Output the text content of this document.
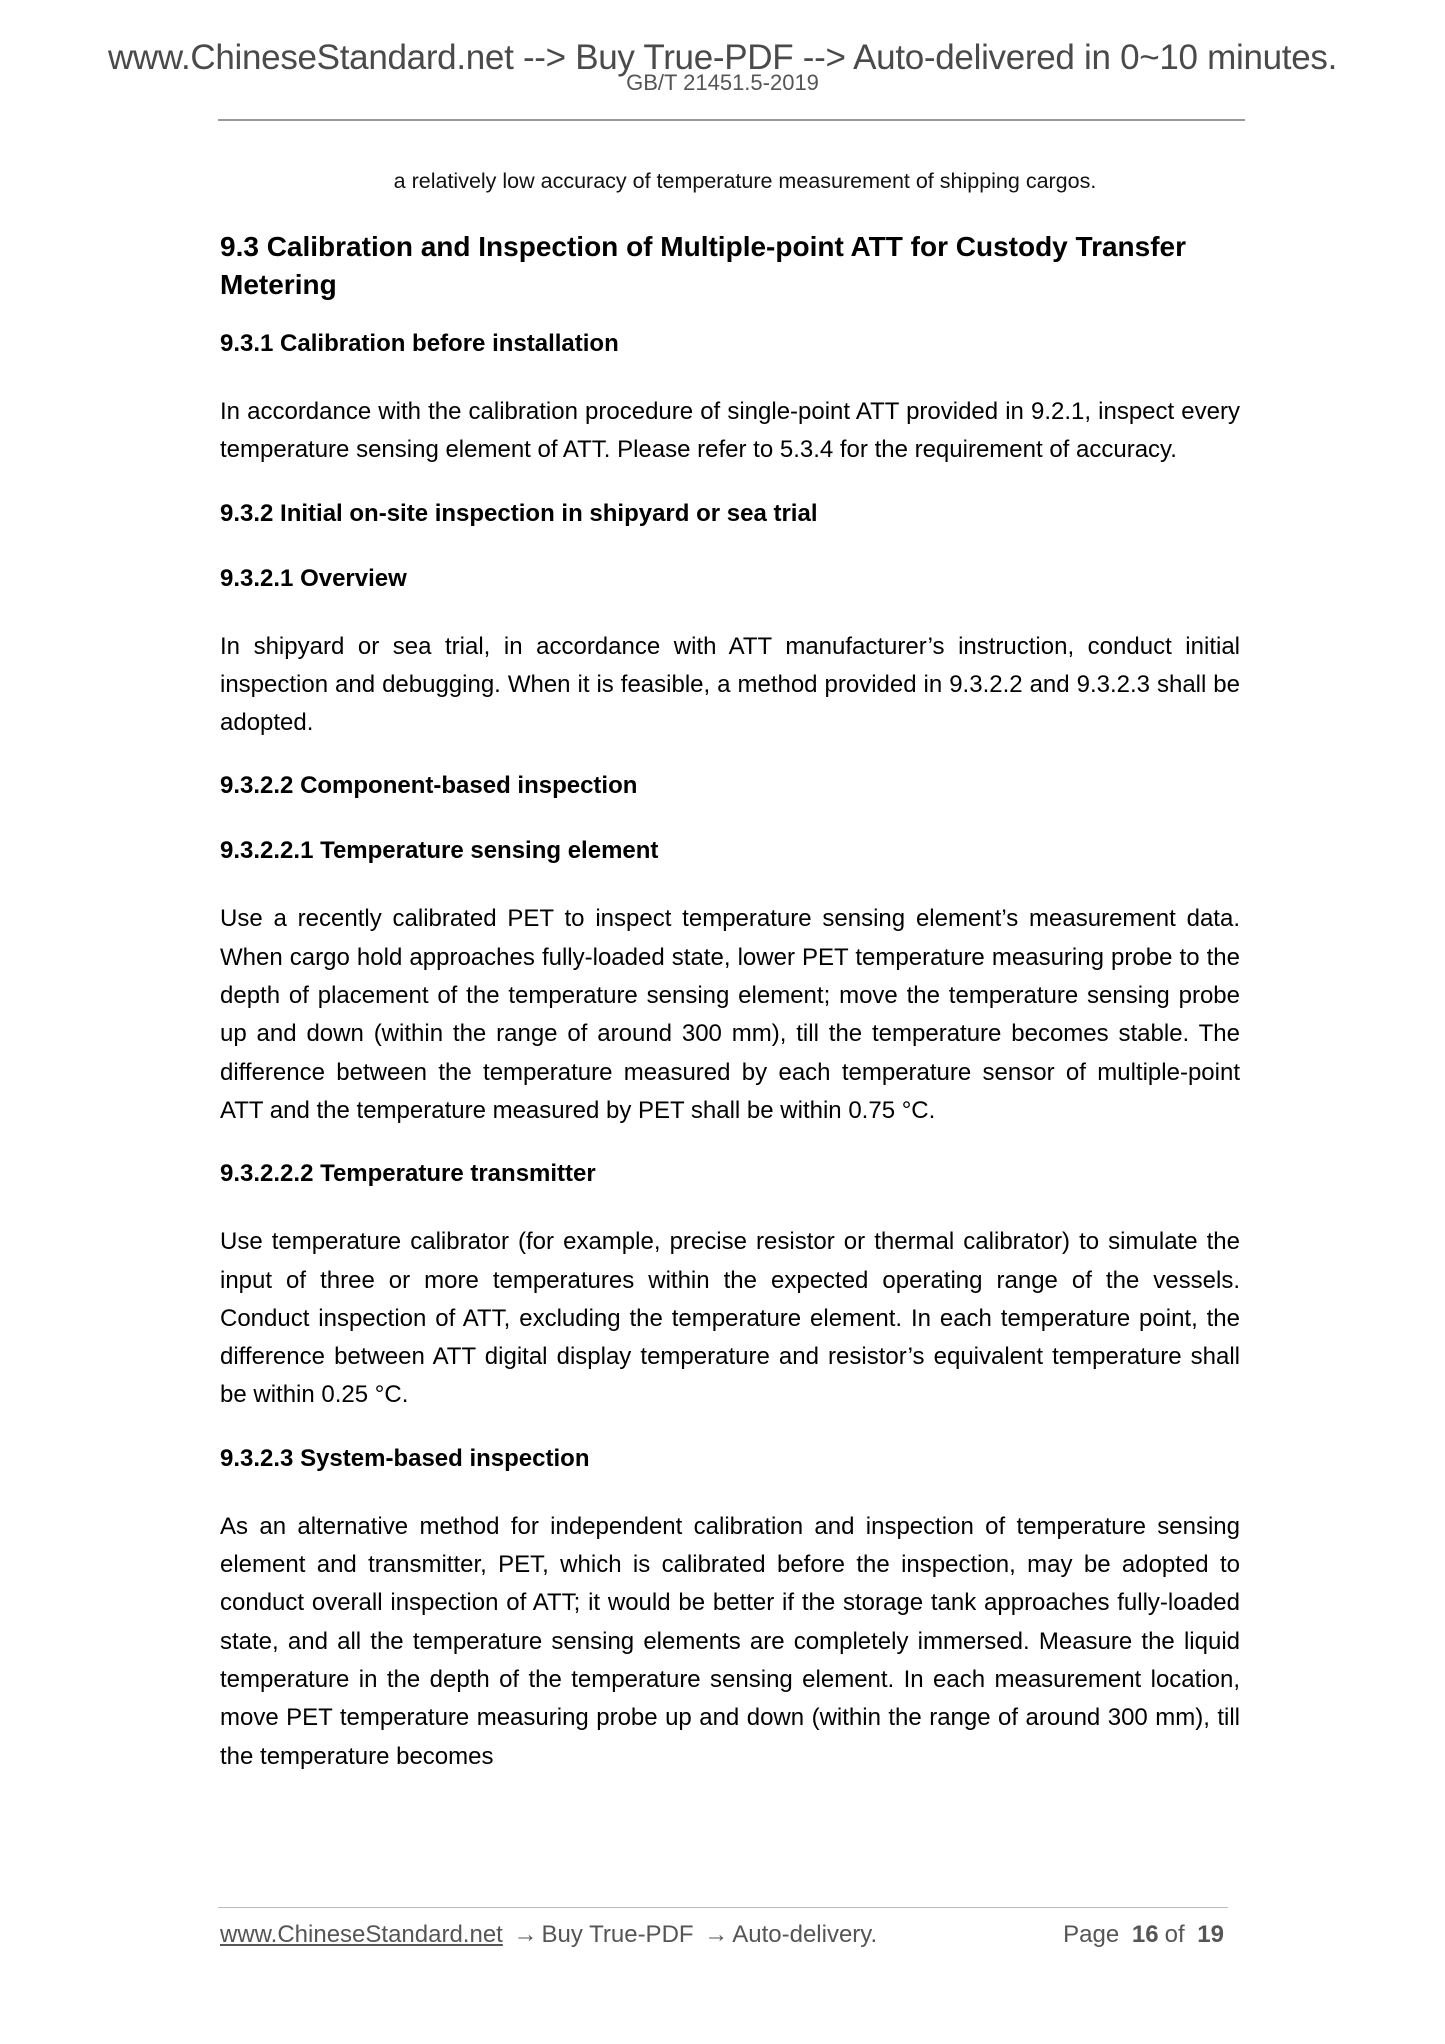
www.ChineseStandard.net --> Buy True-PDF --> Auto-delivered in 0~10 minutes.
GB/T 21451.5-2019

a relatively low accuracy of temperature measurement of shipping cargos.

9.3 Calibration and Inspection of Multiple-point ATT for Custody Transfer Metering
9.3.1 Calibration before installation

In accordance with the calibration procedure of single-point ATT provided in 9.2.1, inspect every temperature sensing element of ATT. Please refer to 5.3.4 for the requirement of accuracy.

9.3.2 Initial on-site inspection in shipyard or sea trial
9.3.2.1 Overview

In shipyard or sea trial, in accordance with ATT manufacturer’s instruction, conduct initial inspection and debugging. When it is feasible, a method provided in 9.3.2.2 and 9.3.2.3 shall be adopted.

9.3.2.2 Component-based inspection
9.3.2.2.1 Temperature sensing element

Use a recently calibrated PET to inspect temperature sensing element’s measurement data. When cargo hold approaches fully-loaded state, lower PET temperature measuring probe to the depth of placement of the temperature sensing element; move the temperature sensing probe up and down (within the range of around 300 mm), till the temperature becomes stable. The difference between the temperature measured by each temperature sensor of multiple-point ATT and the temperature measured by PET shall be within 0.75 °C.

9.3.2.2.2 Temperature transmitter

Use temperature calibrator (for example, precise resistor or thermal calibrator) to simulate the input of three or more temperatures within the expected operating range of the vessels. Conduct inspection of ATT, excluding the temperature element. In each temperature point, the difference between ATT digital display temperature and resistor’s equivalent temperature shall be within 0.25 °C.

9.3.2.3 System-based inspection

As an alternative method for independent calibration and inspection of temperature sensing element and transmitter, PET, which is calibrated before the inspection, may be adopted to conduct overall inspection of ATT; it would be better if the storage tank approaches fully-loaded state, and all the temperature sensing elements are completely immersed. Measure the liquid temperature in the depth of the temperature sensing element. In each measurement location, move PET temperature measuring probe up and down (within the range of around 300 mm), till the temperature becomes

www.ChineseStandard.net → Buy True-PDF → Auto-delivery.	Page 16 of 19
